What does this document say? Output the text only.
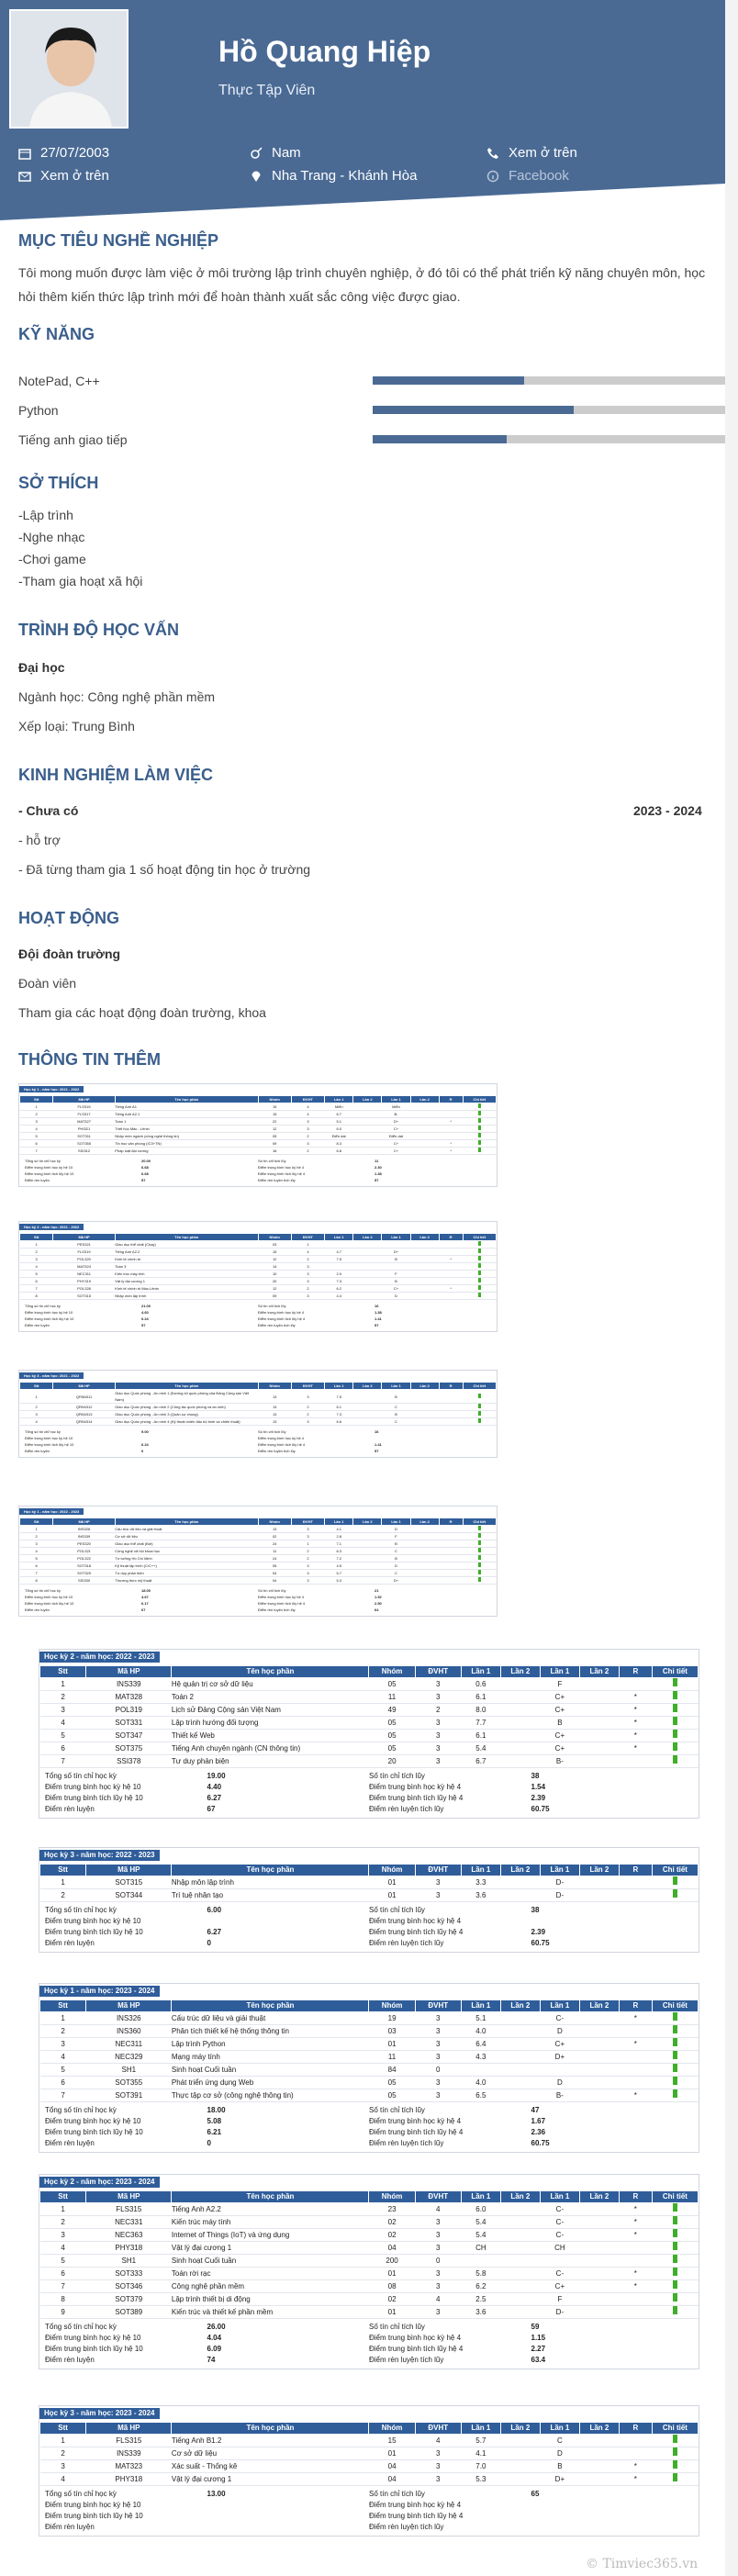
Hồ Quang Hiệp
Thực Tập Viên
27/07/2003
Xem ở trên
Nam
Nha Trang - Khánh Hòa
Xem ở trên
Facebook
MỤC TIÊU NGHỀ NGHIỆP
Tôi mong muốn được làm việc ở môi trường lập trình chuyên nghiệp, ở đó tôi có thể phát triển kỹ năng chuyên môn, học hỏi thêm kiến thức lập trình mới để hoàn thành xuất sắc công việc được giao.
KỸ NĂNG
NotePad, C++
Python
Tiếng anh giao tiếp
SỞ THÍCH
-Lập trình
-Nghe nhạc
-Chơi game
-Tham gia hoạt xã hội
TRÌNH ĐỘ HỌC VẤN
Đại học
Ngành học: Công nghệ phần mềm
Xếp loại: Trung Bình
KINH NGHIỆM LÀM VIỆC
- Chưa có	2023 - 2024
- hỗ trợ
- Đã từng tham gia 1 số hoạt động tin học ở trường
HOẠT ĐỘNG
Đội đoàn trường
Đoàn viên
Tham gia các hoạt động đoàn trường, khoa
THÔNG TIN THÊM
Học kỳ 1 - năm học: 2021 - 2022
Stt	Mã HP	Tên học phần	Nhóm	ĐVHT	Lần 1	Lần 2	Lần 1	Lần 2	R	Chi tiết
1	FLS315	Tiếng Anh A1	15	4	Miễn		Miễn			
2	FLS317	Tiếng Anh A2.1	15	4	6.7		B-			
3	MAT327	Toán 1	22	3	5.1		D+		*	
4	PHI321	Triết học Mác - Lênin	12	3	6.0		C+			
5	SOT311	Nhập môn ngành (công nghệ thông tin)	05	2	Điển dat		Điển dat			
6	SOT355	Tin học văn phòng (IC3+TN)	09	3	8.3		C+		*	
7	SSI312	Pháp luật đại cương	16	2	6.8		C+		*	
Tổng số tín chỉ học kỳ	20.00	Số tín chỉ tích lũy	11
Điểm trung bình học kỳ hệ 10	6.68	Điểm trung bình học kỳ hệ 4	2.30
Điểm trung bình tích lũy hệ 10	6.68	Điểm trung bình tích lũy hệ 4	1.38
Điểm rèn luyện	57	Điểm rèn luyện tích lũy	57
Học kỳ 2 - năm học: 2021 - 2022
Stt	Mã HP	Tên học phần	Nhóm	ĐVHT	Lần 1	Lần 2	Lần 1	Lần 2	R	Chi tiết
1	PES321	Giáo dục thể chất (Chạy)	03	1						
2	FLS319	Tiếng Anh A2.2	15	4	4.7		D+			
3	POL320	Kinh tế chính trị	12	2	7.5		B		*	
4	MAT324	Toán 3	14	3						
5	NEC311	Kiến trúc máy tính	10	3	2.9		F			
6	PHY319	Vật lý đại cương 1	20	3	7.3		B			
7	POL328	Kinh tế chính trị Mác-Lênin	12	2	6.2		C+		*	
8	SOT315	Nhập môn lập trình	09	3	4.4		D			
Tổng số tín chỉ học kỳ	21.00	Số tín chỉ tích lũy	16
Điểm trung bình học kỳ hệ 10	4.60	Điểm trung bình học kỳ hệ 4	1.38
Điểm trung bình tích lũy hệ 10	6.24	Điểm trung bình tích lũy hệ 4	1.41
Điểm rèn luyện	57	Điểm rèn luyện tích lũy	57
Học kỳ 3 - năm học: 2021 - 2022
Stt	Mã HP	Tên học phần	Nhóm	ĐVHT	Lần 1	Lần 2	Lần 1	Lần 2	R	Chi tiết
1	QPAN311	Giáo dục Quốc phòng - An ninh 1 (Đường lối quốc phòng của Đảng Cộng sản Việt Nam)	13	3	7.5		B			
2	QPAN312	Giáo dục Quốc phòng - An ninh 2 (Công tác quốc phòng và an ninh)	13	2	6.1		C			
3	QPAN313	Giáo dục Quốc phòng - An ninh 3 (Quân sự chung)	13	2	7.3		B			
4	QPAN314	Giáo dục Quốc phòng - An ninh 4 (Kỹ thuật chiến đấu bộ binh và chiến thuật)	13	3	6.6		C			
Tổng số tín chỉ học kỳ	9.00	Số tín chỉ tích lũy	16
Điểm trung bình học kỳ hệ 10	Điểm trung bình học kỳ hệ 4
Điểm trung bình tích lũy hệ 10	6.24	Điểm trung bình tích lũy hệ 4	1.41
Điểm rèn luyện	0	Điểm rèn luyện tích lũy	57
Học kỳ 1 - năm học: 2022 - 2023
Stt	Mã HP	Tên học phần	Nhóm	ĐVHT	Lần 1	Lần 2	Lần 1	Lần 2	R	Chi tiết
1	INS326	Cấu trúc dữ liệu và giải thuật	13	3	4.1		D			
2	INS339	Cơ sở dữ liệu	02	3	2.8		F			
3	PES320	Giáo dục thể chất (Bơi)	24	1	7.1		B			
4	POL321	Công nghệ xã hội khoa học	11	2	6.3		C			
5	POL322	Tư tưởng Hồ Chí Minh	24	2	7.2		B			
6	SOT318	Kỹ thuật lập trình (C/C++)	05	3	4.5		D			
7	SOT329	Tư duy phản biện	04	3	5.7		C			
8	SSI330	Thương thức mỹ thuật	04	3	5.3		D+			
Tổng số tín chỉ học kỳ	18.00	Số tín chỉ tích lũy	21
Điểm trung bình học kỳ hệ 10	4.67	Điểm trung bình học kỳ hệ 4	1.52
Điểm trung bình tích lũy hệ 10	6.17	Điểm trung bình tích lũy hệ 4	2.50
Điểm rèn luyện	67	Điểm rèn luyện tích lũy	64
Học kỳ 2 - năm học: 2022 - 2023
Stt	Mã HP	Tên học phần	Nhóm	ĐVHT	Lần 1	Lần 2	Lần 1	Lần 2	R	Chi tiết
1	INS339	Hệ quản trị cơ sở dữ liệu	05	3	0.6		F			
2	MAT328	Toán 2	11	3	6.1		C+		*	
3	POL319	Lịch sử Đảng Cộng sản Việt Nam	49	2	8.0		C+		*	
4	SOT331	Lập trình hướng đối tượng	05	3	7.7		B		*	
5	SOT347	Thiết kế Web	05	3	6.1		C+		*	
6	SOT375	Tiếng Anh chuyên ngành (CN thông tin)	05	3	5.4		C+		*	
7	SSI378	Tư duy phản biện	20	3	6.7		B-			
Tổng số tín chỉ học kỳ	19.00	Số tín chỉ tích lũy	38
Điểm trung bình học kỳ hệ 10	4.40	Điểm trung bình học kỳ hệ 4	1.54
Điểm trung bình tích lũy hệ 10	6.27	Điểm trung bình tích lũy hệ 4	2.39
Điểm rèn luyện	67	Điểm rèn luyện tích lũy	60.75
Học kỳ 3 - năm học: 2022 - 2023
Stt	Mã HP	Tên học phần	Nhóm	ĐVHT	Lần 1	Lần 2	Lần 1	Lần 2	R	Chi tiết
1	SOT315	Nhập môn lập trình	01	3	3.3		D-			
2	SOT344	Trí tuệ nhân tạo	01	3	3.6		D-			
Tổng số tín chỉ học kỳ	6.00	Số tín chỉ tích lũy	38
Điểm trung bình học kỳ hệ 10	Điểm trung bình học kỳ hệ 4
Điểm trung bình tích lũy hệ 10	6.27	Điểm trung bình tích lũy hệ 4	2.39
Điểm rèn luyện	0	Điểm rèn luyện tích lũy	60.75
Học kỳ 1 - năm học: 2023 - 2024
Stt	Mã HP	Tên học phần	Nhóm	ĐVHT	Lần 1	Lần 2	Lần 1	Lần 2	R	Chi tiết
1	INS326	Cấu trúc dữ liệu và giải thuật	19	3	5.1		C-		*	
2	INS360	Phân tích thiết kế hệ thống thông tin	03	3	4.0		D			
3	NEC311	Lập trình Python	01	3	6.4		C+		*	
4	NEC329	Mạng máy tính	11	3	4.3		D+			
5	SH1	Sinh hoạt Cuối tuần	84	0						
6	SOT355	Phát triển ứng dụng Web	05	3	4.0		D			
7	SOT391	Thực tập cơ sở (công nghệ thông tin)	05	3	6.5		B-		*	
Tổng số tín chỉ học kỳ	18.00	Số tín chỉ tích lũy	47
Điểm trung bình học kỳ hệ 10	5.08	Điểm trung bình học kỳ hệ 4	1.67
Điểm trung bình tích lũy hệ 10	6.21	Điểm trung bình tích lũy hệ 4	2.36
Điểm rèn luyện	0	Điểm rèn luyện tích lũy	60.75
Học kỳ 2 - năm học: 2023 - 2024
Stt	Mã HP	Tên học phần	Nhóm	ĐVHT	Lần 1	Lần 2	Lần 1	Lần 2	R	Chi tiết
1	FLS315	Tiếng Anh A2.2	23	4	6.0		C-		*	
2	NEC331	Kiến trúc máy tính	02	3	5.4		C-		*	
3	NEC363	Internet of Things (IoT) và ứng dụng	02	3	5.4		C-		*	
4	PHY318	Vật lý đại cương 1	04	3	CH		CH			
5	SH1	Sinh hoạt Cuối tuần	200	0						
6	SOT333	Toán rời rạc	01	3	5.8		C-		*	
7	SOT346	Công nghệ phần mềm	08	3	6.2		C+		*	
8	SOT379	Lập trình thiết bị di động	02	4	2.5		F			
9	SOT389	Kiến trúc và thiết kế phần mềm	01	3	3.6		D-			
Tổng số tín chỉ học kỳ	26.00	Số tín chỉ tích lũy	59
Điểm trung bình học kỳ hệ 10	4.04	Điểm trung bình học kỳ hệ 4	1.15
Điểm trung bình tích lũy hệ 10	6.09	Điểm trung bình tích lũy hệ 4	2.27
Điểm rèn luyện	74	Điểm rèn luyện tích lũy	63.4
Học kỳ 3 - năm học: 2023 - 2024
Stt	Mã HP	Tên học phần	Nhóm	ĐVHT	Lần 1	Lần 2	Lần 1	Lần 2	R	Chi tiết
1	FLS315	Tiếng Anh B1.2	15	4	5.7		C			
2	INS339	Cơ sở dữ liệu	01	3	4.1		D			
3	MAT323	Xác suất - Thống kê	04	3	7.0		B		*	
4	PHY318	Vật lý đại cương 1	04	3	5.3		D+		*	
Tổng số tín chỉ học kỳ	13.00	Số tín chỉ tích lũy	65
Điểm trung bình học kỳ hệ 10	Điểm trung bình học kỳ hệ 4
Điểm trung bình tích lũy hệ 10	Điểm trung bình tích lũy hệ 4
Điểm rèn luyện	Điểm rèn luyện tích lũy
© Timviec365.vn
